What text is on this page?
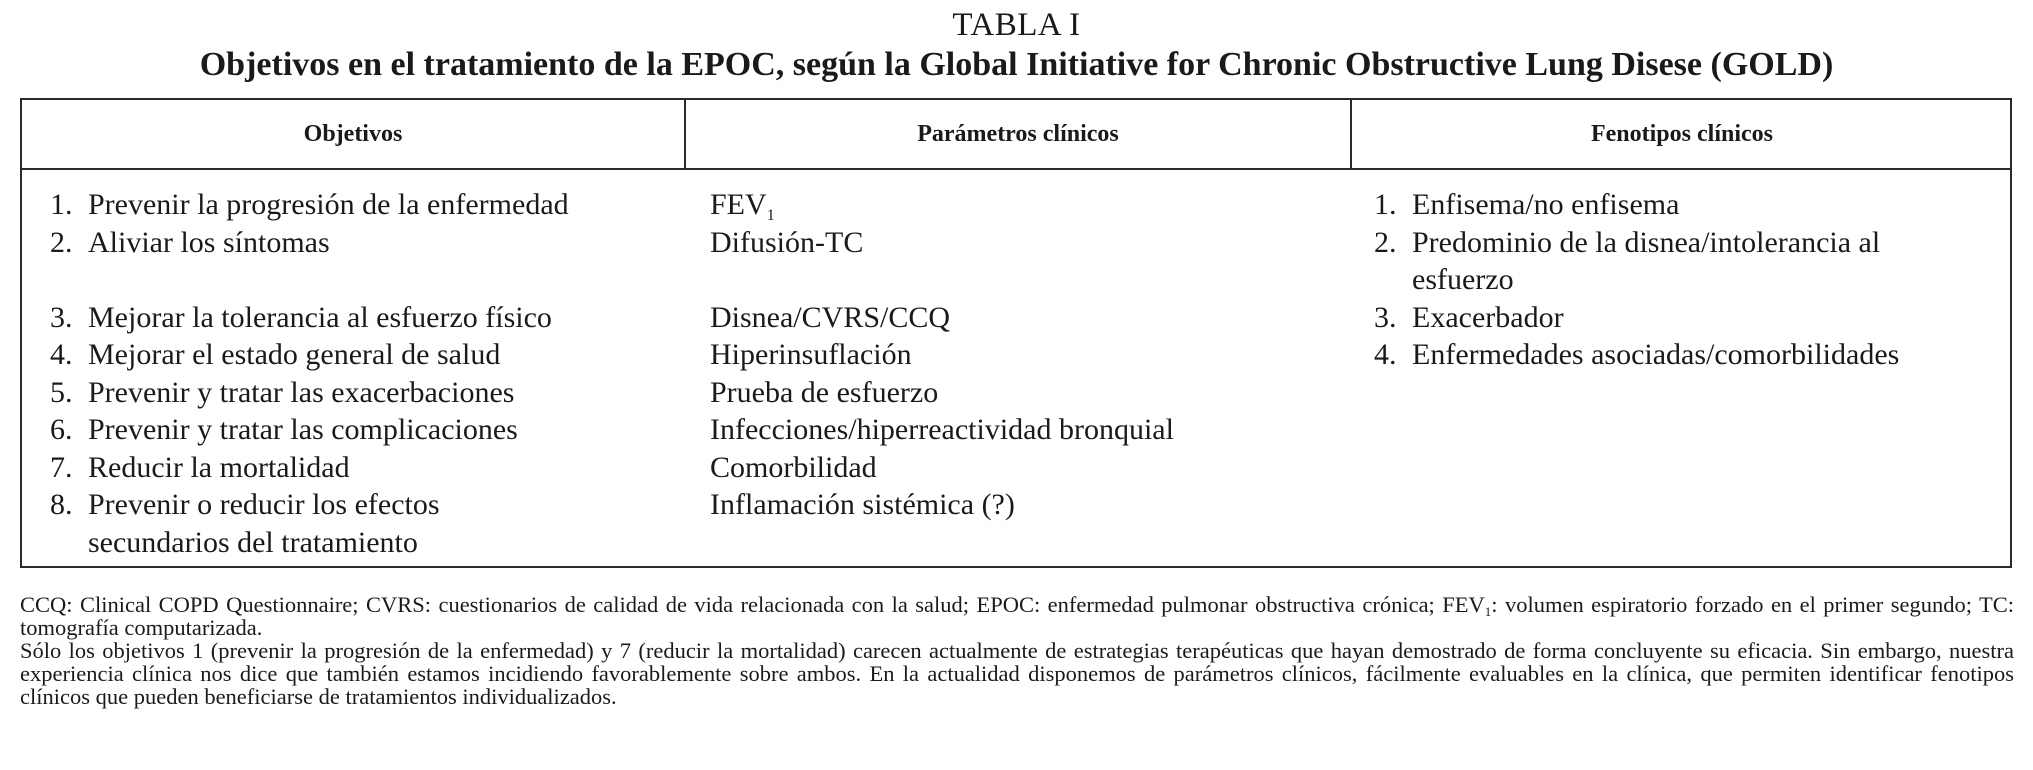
TABLA I
Objetivos en el tratamiento de la EPOC, según la Global Initiative for Chronic Obstructive Lung Disese (GOLD)
Objetivos	Parámetros clínicos	Fenotipos clínicos
1. Prevenir la progresión de la enfermedad
2. Aliviar los síntomas
3. Mejorar la tolerancia al esfuerzo físico
4. Mejorar el estado general de salud
5. Prevenir y tratar las exacerbaciones
6. Prevenir y tratar las complicaciones
7. Reducir la mortalidad
8. Prevenir o reducir los efectos secundarios del tratamiento
$FEV_1$
Difusión-TC
Disnea/CVRS/CCQ
Hiperinsuflación
Prueba de esfuerzo
Infecciones/hiperreactividad bronquial
Comorbilidad
Inflamación sistémica (?)
1. Enfisema/no enfisema
2. Predominio de la disnea/intolerancia al esfuerzo
3. Exacerbador
4. Enfermedades asociadas/comorbilidades

CCQ: Clinical COPD Questionnaire; CVRS: cuestionarios de calidad de vida relacionada con la salud; EPOC: enfermedad pulmonar obstructiva crónica; $FEV_1$: volumen espiratorio forzado en el primer segundo; TC: tomografía computarizada.

Sólo los objetivos 1 (prevenir la progresión de la enfermedad) y 7 (reducir la mortalidad) carecen actualmente de estrategias terapéuticas que hayan demostrado de forma concluyente su eficacia. Sin embargo, nuestra experiencia clínica nos dice que también estamos incidiendo favorablemente sobre ambos. En la actualidad disponemos de parámetros clínicos, fácilmente evaluables en la clínica, que permiten identificar fenotipos clínicos que pueden beneficiarse de tratamientos individualizados.
